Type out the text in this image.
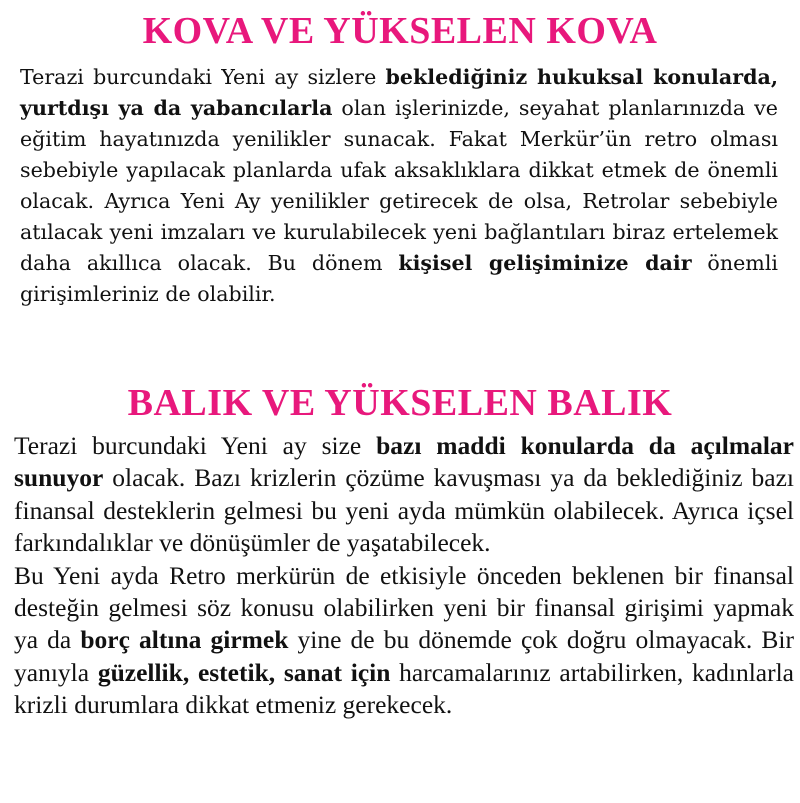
KOVA VE YÜKSELEN KOVA

Terazi burcundaki Yeni ay sizlere beklediğiniz hukuksal konularda, yurtdışı ya da yabancılarla olan işlerinizde, seyahat planlarınızda ve eğitim hayatınızda yenilikler sunacak. Fakat Merkür’ün retro olması sebebiyle yapılacak planlarda ufak aksaklıklara dikkat etmek de önemli olacak. Ayrıca Yeni Ay yenilikler getirecek de olsa, Retrolar sebebiyle atılacak yeni imzaları ve kurulabilecek yeni bağlantıları biraz ertelemek daha akıllıca olacak. Bu dönem kişisel gelişiminize dair önemli girişimleriniz de olabilir.

BALIK VE YÜKSELEN BALIK

Terazi burcundaki Yeni ay size bazı maddi konularda da açılmalar sunuyor olacak. Bazı krizlerin çözüme kavuşması ya da beklediğiniz bazı finansal desteklerin gelmesi bu yeni ayda mümkün olabilecek. Ayrıca içsel farkındalıklar ve dönüşümler de yaşatabilecek.

Bu Yeni ayda Retro merkürün de etkisiyle önceden beklenen bir finansal desteğin gelmesi söz konusu olabilirken yeni bir finansal girişimi yapmak ya da borç altına girmek yine de bu dönemde çok doğru olmayacak. Bir yanıyla güzellik, estetik, sanat için harcamalarınız artabilirken, kadınlarla krizli durumlara dikkat etmeniz gerekecek.
